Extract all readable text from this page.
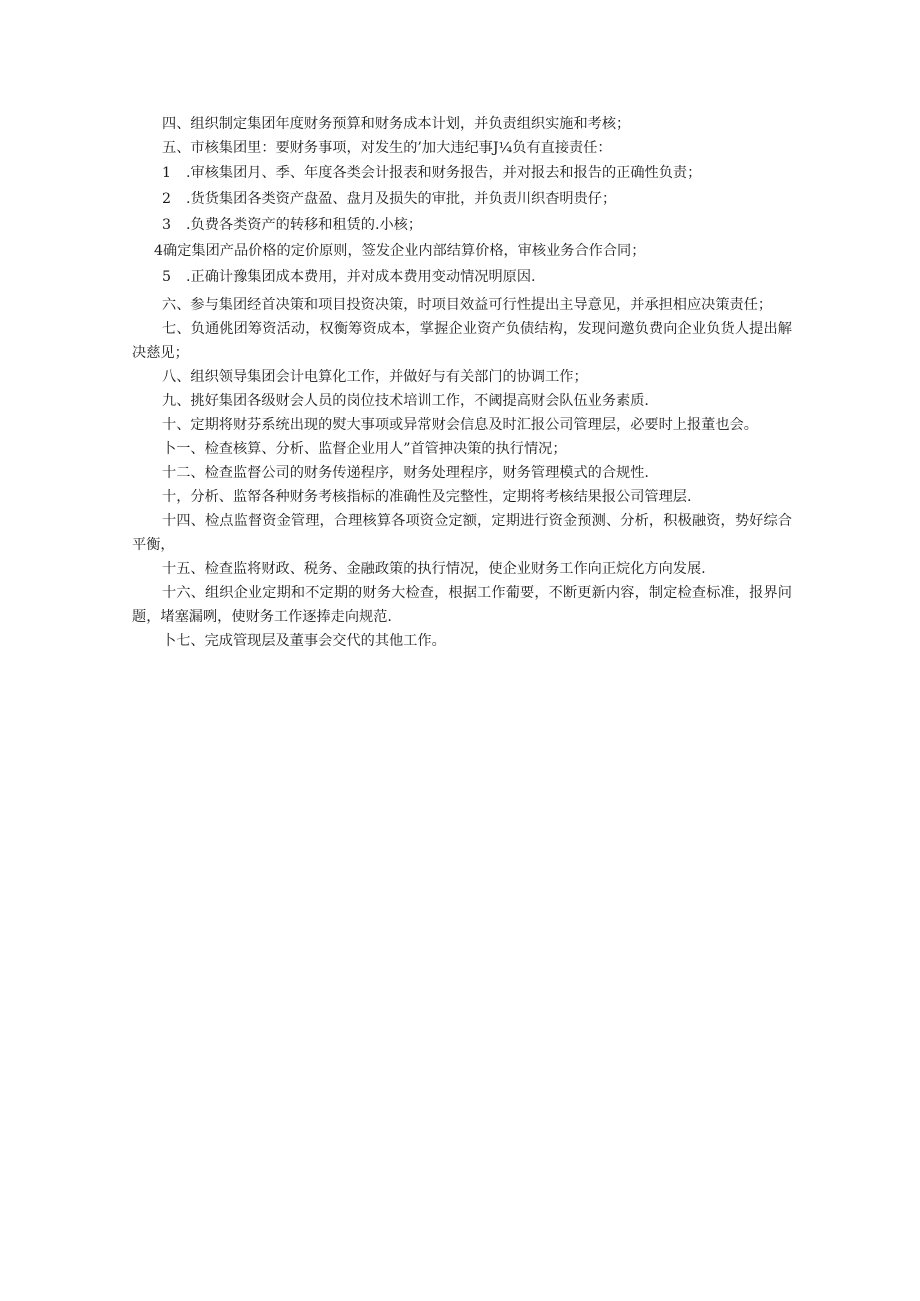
四、组织制定集团年度财务预算和财务成本计划，并负责组织实施和考核；

五、市核集团里：要财务事项，对发生的’加大违纪事J¼负有直接责任：

1 .审核集团月、季、年度各类会计报表和财务报告，并对报去和报告的正确性负责；
2 .货货集团各类资产盘盈、盘月及损失的审批，并负责川织杳明贵仔；
3 .负费各类资产的转移和租赁的.小核；
4确定集团产品价格的定价原则，签发企业内部结算价格，审核业务合作合同；
5 .正确计豫集团成本费用，并对成本费用变动情况明原因.

六、参与集团经首决策和项目投资决策，时项目效益可行性提出主导意见，并承担相应决策责任；

七、负通佻团筹资活动，权衡筹资成本，掌握企业资产负债结构，发现问邀负费向企业负货人提出解决慈见；

八、组织领导集团会计电算化工作，并做好与有关部门的协调工作；

九、挑好集团各级财会人员的岗位技术培训工作，不阈提高财会队伍业务素质.

十、定期将财芬系统出现的熨大事项或异常财会信息及时汇报公司管理层，必要时上报董也会。

卜一、检查核算、分析、监督企业用人”首管抻决策的执行情况；

十二、检查监督公司的财务传递程序，财务处理程序，财务管理模式的合规性.

十，分析、监帑各种财务考核指标的准确性及完整性，定期将考核结果报公司管理层.

十四、检点监督资金管理，合理核算各项资佥定额，定期进行资金预测、分析，积极融资，势好综合平衡，

十五、检查监将财政、税务、金融政策的执行情况，使企业财务工作向正烷化方向发展.

十六、组织企业定期和不定期的财务大检查，根据工作葡要，不断更新内容，制定检查标准，报界问题，堵塞漏咧，使财务工作逐捧走向规范.

卜七、完成管现层及董事会交代的其他工作。
